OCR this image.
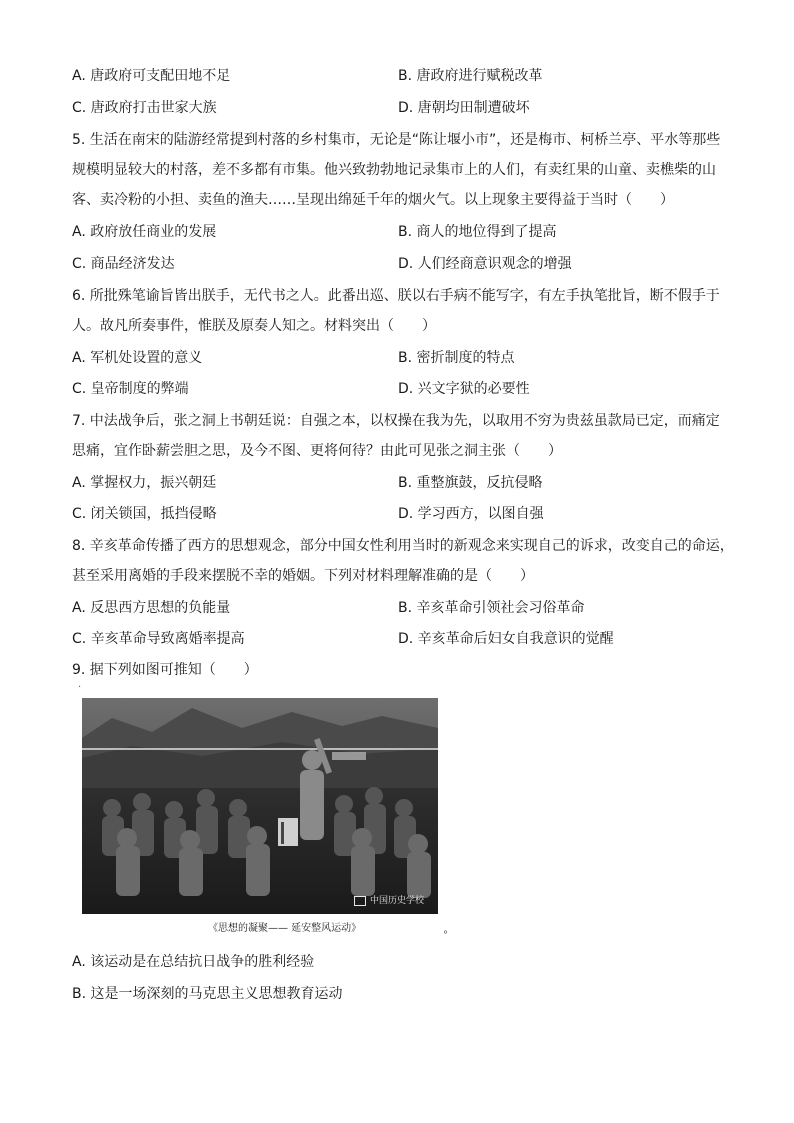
A. 唐政府可支配田地不足	B. 唐政府进行赋税改革
C. 唐政府打击世家大族	D. 唐朝均田制遭破坏
5. 生活在南宋的陆游经常提到村落的乡村集市，无论是“陈让堰小市”，还是梅市、柯桥兰亭、平水等那些
规模明显较大的村落，差不多都有市集。他兴致勃勃地记录集市上的人们，有卖红果的山童、卖樵柴的山
客、卖冷粉的小担、卖鱼的渔夫……呈现出绵延千年的烟火气。以上现象主要得益于当时（　　）
A. 政府放任商业的发展	B. 商人的地位得到了提高
C. 商品经济发达	D. 人们经商意识观念的增强
6. 所批殊笔谕旨皆出朕手，无代书之人。此番出巡、朕以右手病不能写字，有左手执笔批旨，断不假手于
人。故凡所奏事件，惟朕及原奏人知之。材料突出（　　）
A. 军机处设置的意义	B. 密折制度的特点
C. 皇帝制度的弊端	D. 兴文字狱的必要性
7. 中法战争后，张之洞上书朝廷说：自强之本，以权操在我为先，以取用不穷为贵兹虽款局已定，而痛定
思痛，宜作卧薪尝胆之思，及今不图、更将何待？由此可见张之洞主张（　　）
A. 掌握权力，振兴朝廷	B. 重整旗鼓，反抗侵略
C. 闭关锁国，抵挡侵略	D. 学习西方，以图自强
8. 辛亥革命传播了西方的思想观念，部分中国女性利用当时的新观念来实现自己的诉求，改变自己的命运，
甚至采用离婚的手段来摆脱不幸的婚姻。下列对材料理解准确的是（　　）
A. 反思西方思想的负能量	B. 辛亥革命引领社会习俗革命
C. 辛亥革命导致离婚率提高	D. 辛亥革命后妇女自我意识的觉醒
9. 据下列如图可推知（　　）
·
中国历史学校
《思想的凝聚—— 延安整风运动》
°
A. 该运动是在总结抗日战争的胜利经验
B. 这是一场深刻的马克思主义思想教育运动
